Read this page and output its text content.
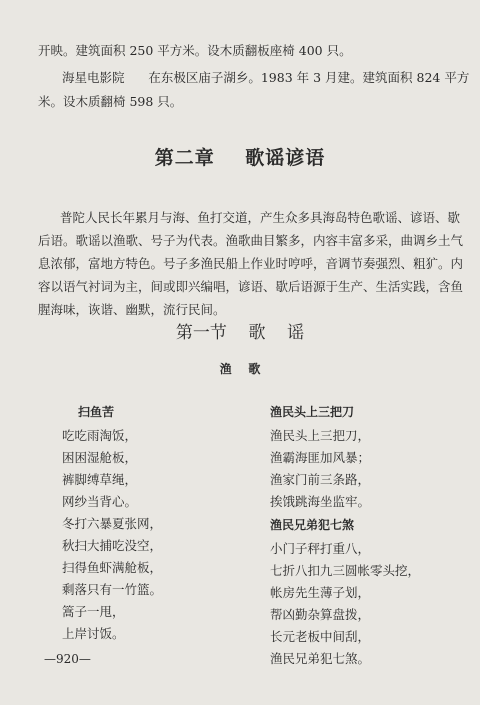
开映。建筑面积 250 平方米。设木质翻板座椅 400 只。
海星电影院      在东极区庙子湖乡。1983 年 3 月建。建筑面积 824 平方
米。设木质翻椅 598 只。
第二章    歌谣谚语
普陀人民长年累月与海、鱼打交道，产生众多具海岛特色歌谣、谚语、歇
后语。歌谣以渔歌、号子为代表。渔歌曲目繁多，内容丰富多采，曲调乡土气
息浓郁，富地方特色。号子多渔民船上作业时哼呼，音调节奏强烈、粗犷。内
容以语气衬词为主，间或即兴编唱，谚语、歇后语源于生产、生活实践，含鱼
腥海味，诙谐、幽默，流行民间。
第一节    歌    谣
渔    歌
扫鱼苦
吃吃雨淘饭，
困困湿舱板，
裤脚缚草绳，
网纱当背心。
冬打六暴夏张网，
秋扫大捕吃没空，
扫得鱼虾满舱板，
剩落只有一竹篮。
篙子一甩，
上岸讨饭。
渔民头上三把刀
渔民头上三把刀，
渔霸海匪加风暴；
渔家门前三条路，
挨饿跳海坐监牢。
渔民兄弟犯七煞
小门子秤打重八，
七折八扣九三圆帐零头挖，
帐房先生薄子划，
帮凶勤杂算盘拨，
长元老板中间刮，
渔民兄弟犯七煞。
—920—
